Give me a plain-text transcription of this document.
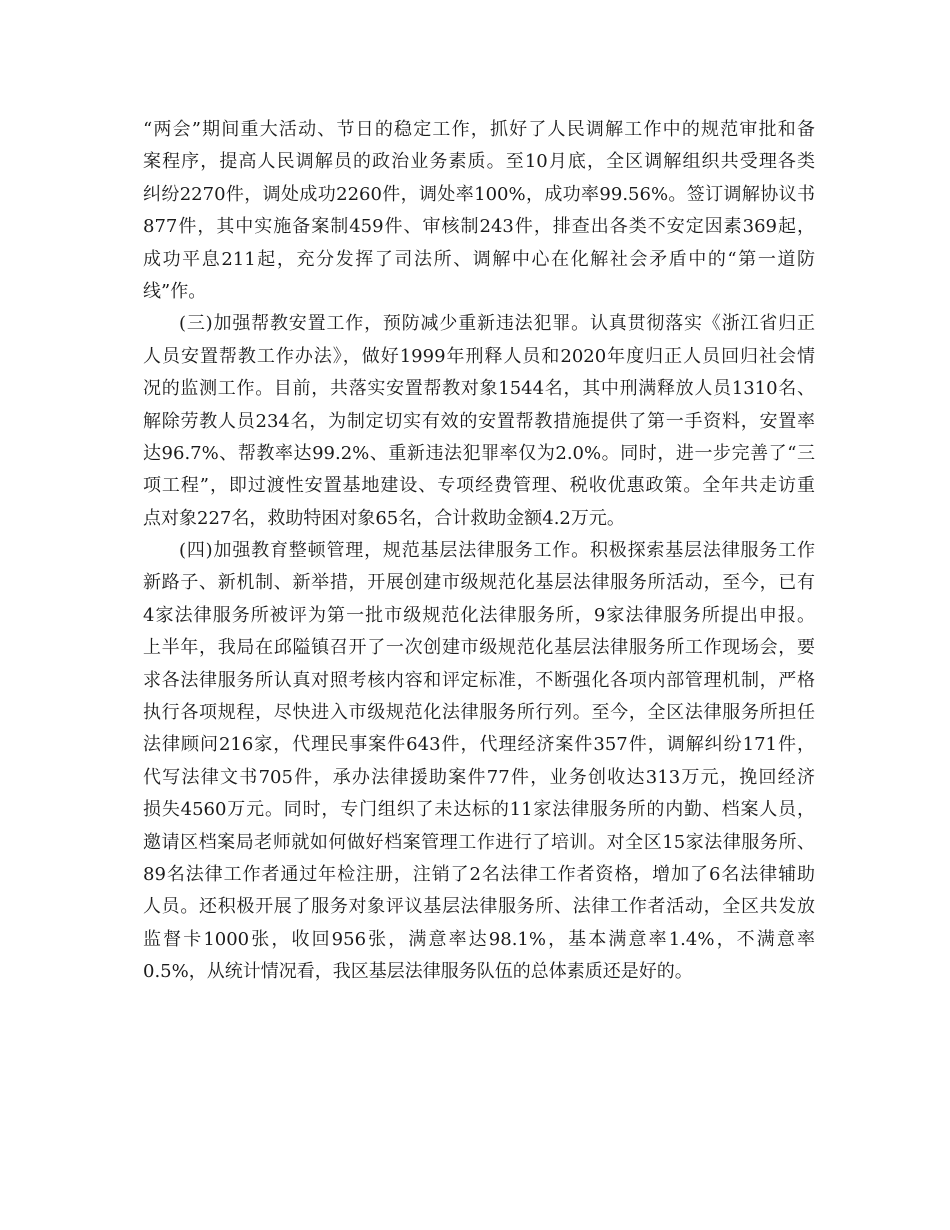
“两会”期间重大活动、节日的稳定工作，抓好了人民调解工作中的规范审批和备
案程序，提高人民调解员的政治业务素质。至10月底，全区调解组织共受理各类
纠纷2270件，调处成功2260件，调处率100%，成功率99.56%。签订调解协议书
877件，其中实施备案制459件、审核制243件，排查出各类不安定因素369起，
成功平息211起，充分发挥了司法所、调解中心在化解社会矛盾中的“第一道防
线”作。
(三)加强帮教安置工作，预防减少重新违法犯罪。认真贯彻落实《浙江省归正
人员安置帮教工作办法》，做好1999年刑释人员和2020年度归正人员回归社会情
况的监测工作。目前，共落实安置帮教对象1544名，其中刑满释放人员1310名、
解除劳教人员234名，为制定切实有效的安置帮教措施提供了第一手资料，安置率
达96.7%、帮教率达99.2%、重新违法犯罪率仅为2.0%。同时，进一步完善了“三
项工程”，即过渡性安置基地建设、专项经费管理、税收优惠政策。全年共走访重
点对象227名，救助特困对象65名，合计救助金额4.2万元。
(四)加强教育整顿管理，规范基层法律服务工作。积极探索基层法律服务工作
新路子、新机制、新举措，开展创建市级规范化基层法律服务所活动，至今，已有
4家法律服务所被评为第一批市级规范化法律服务所，9家法律服务所提出申报。
上半年，我局在邱隘镇召开了一次创建市级规范化基层法律服务所工作现场会，要
求各法律服务所认真对照考核内容和评定标准，不断强化各项内部管理机制，严格
执行各项规程，尽快进入市级规范化法律服务所行列。至今，全区法律服务所担任
法律顾问216家，代理民事案件643件，代理经济案件357件，调解纠纷171件，
代写法律文书705件，承办法律援助案件77件，业务创收达313万元，挽回经济
损失4560万元。同时，专门组织了未达标的11家法律服务所的内勤、档案人员，
邀请区档案局老师就如何做好档案管理工作进行了培训。对全区15家法律服务所、
89名法律工作者通过年检注册，注销了2名法律工作者资格，增加了6名法律辅助
人员。还积极开展了服务对象评议基层法律服务所、法律工作者活动，全区共发放
监督卡1000张，收回956张，满意率达98.1%，基本满意率1.4%，不满意率
0.5%，从统计情况看，我区基层法律服务队伍的总体素质还是好的。
